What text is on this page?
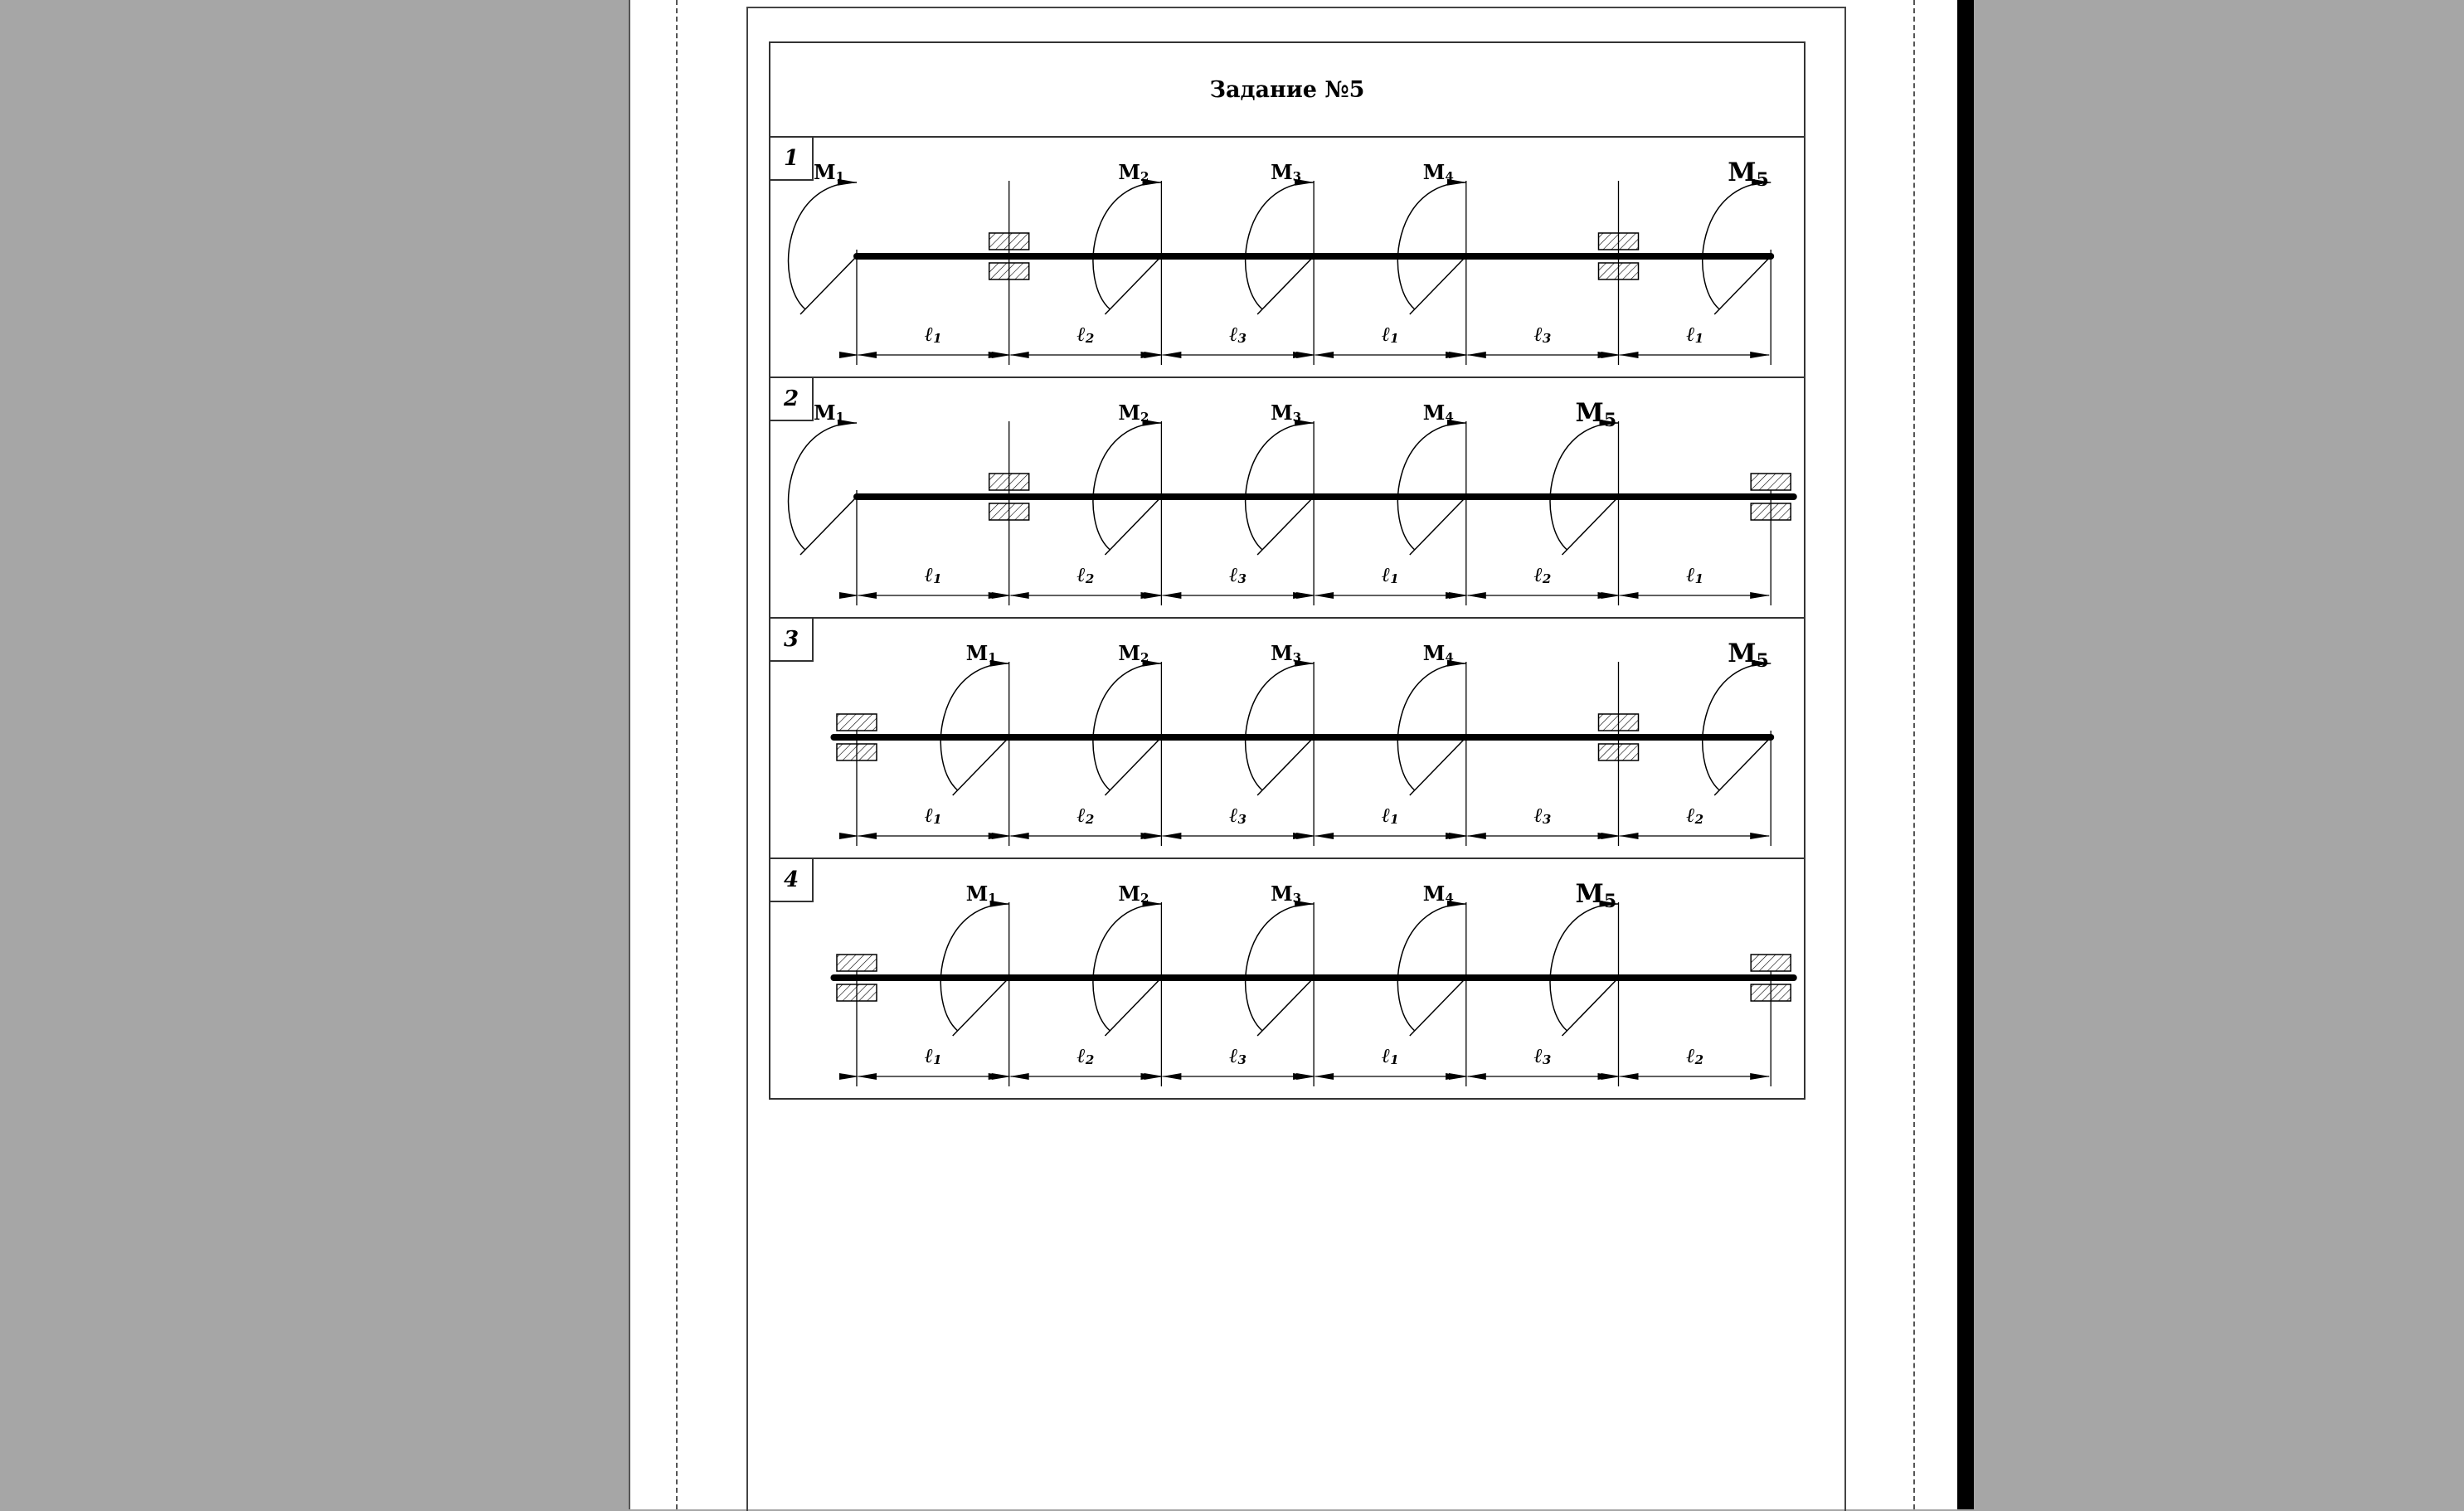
Задание №5
1
M1	M2	M3	M4	M5
ℓ1	ℓ2	ℓ3	ℓ1	ℓ3	ℓ1
2
M1	M2	M3	M4	M5
ℓ1	ℓ2	ℓ3	ℓ1	ℓ2	ℓ1
3
M1	M2	M3	M4	M5
ℓ1	ℓ2	ℓ3	ℓ1	ℓ3	ℓ2
4
M1	M2	M3	M4	M5
ℓ1	ℓ2	ℓ3	ℓ1	ℓ3	ℓ2
